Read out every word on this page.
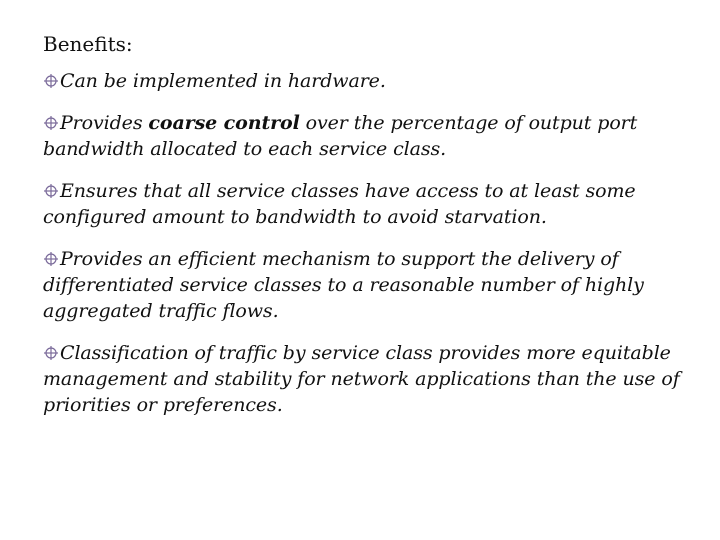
Benefits:
Can be implemented in hardware.
Provides coarse control over the percentage of output port bandwidth allocated to each service class.
Ensures that all service classes have access to at least some configured amount to bandwidth to avoid starvation.
Provides an efficient mechanism to support the delivery of differentiated service classes to a reasonable number of highly aggregated traffic flows.
Classification of traffic by service class provides more equitable management and stability for network applications than the use of priorities or preferences.
